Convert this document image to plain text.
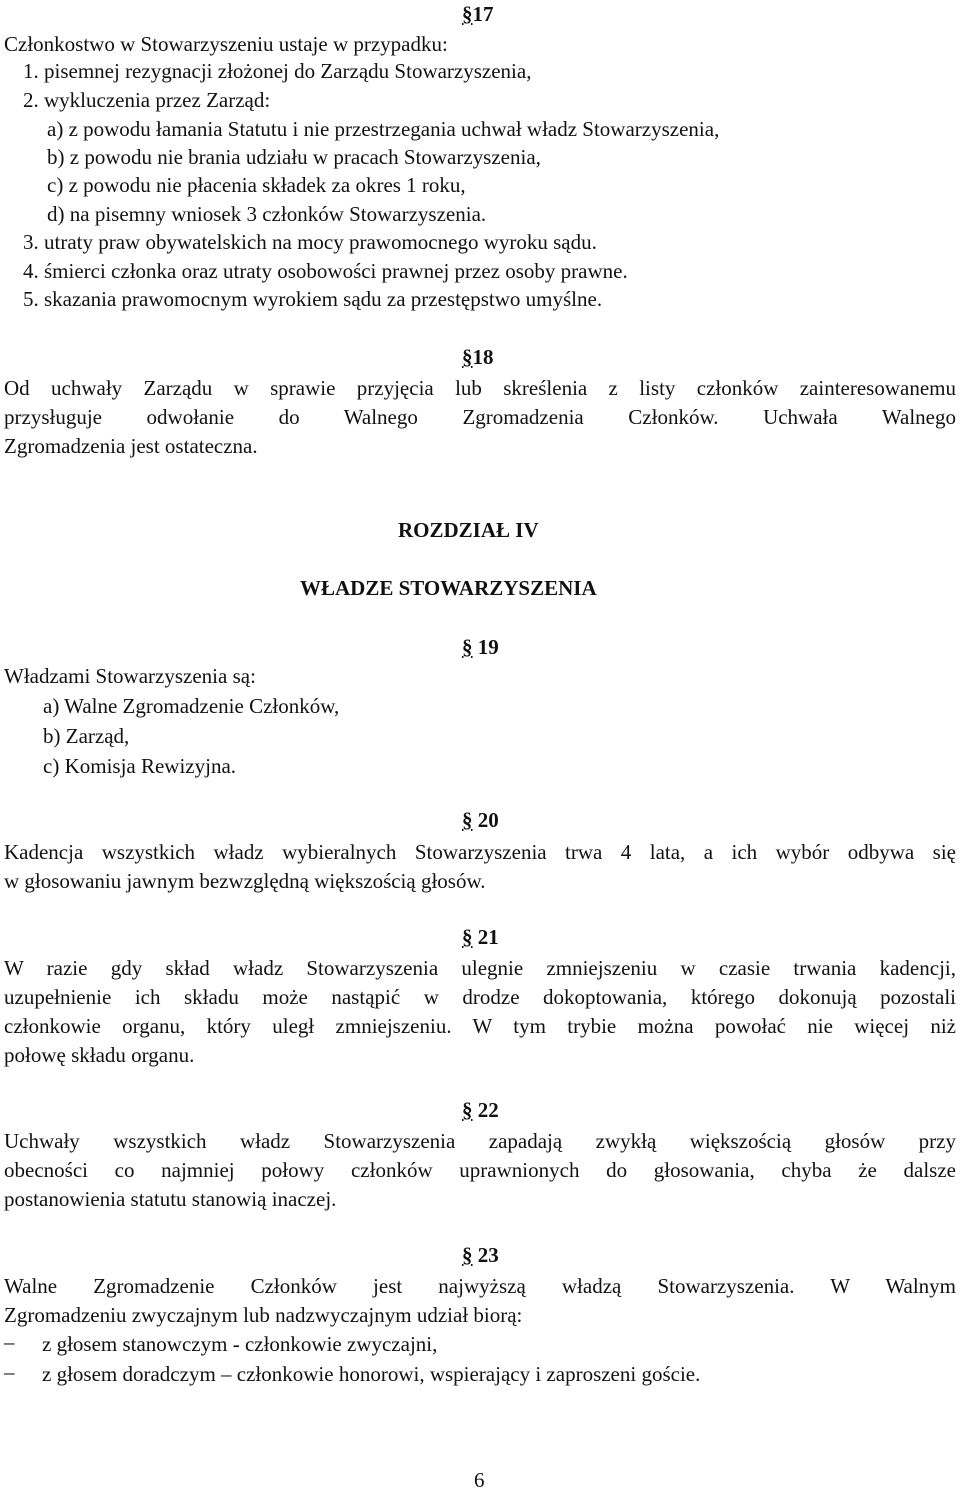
§17
Członkostwo w Stowarzyszeniu ustaje w przypadku:
1. pisemnej rezygnacji złożonej do Zarządu Stowarzyszenia,
2. wykluczenia przez Zarząd:
a) z powodu łamania Statutu i nie przestrzegania uchwał władz Stowarzyszenia,
b) z powodu nie brania udziału w pracach Stowarzyszenia,
c) z powodu nie płacenia składek za okres 1 roku,
d) na pisemny wniosek 3 członków Stowarzyszenia.
3. utraty praw obywatelskich na mocy prawomocnego wyroku sądu.
4. śmierci członka oraz utraty osobowości prawnej przez osoby prawne.
5. skazania prawomocnym wyrokiem sądu za przestępstwo umyślne.
§18
Od uchwały Zarządu w sprawie przyjęcia lub skreślenia z listy członków zainteresowanemu
przysługuje odwołanie do Walnego Zgromadzenia Członków. Uchwała Walnego
Zgromadzenia jest ostateczna.
ROZDZIAŁ IV
WŁADZE STOWARZYSZENIA
§ 19
Władzami Stowarzyszenia są:
a) Walne Zgromadzenie Członków,
b) Zarząd,
c) Komisja Rewizyjna.
§ 20
Kadencja wszystkich władz wybieralnych Stowarzyszenia trwa 4 lata, a ich wybór odbywa się
w głosowaniu jawnym bezwzględną większością głosów.
§ 21
W razie gdy skład władz Stowarzyszenia ulegnie zmniejszeniu w czasie trwania kadencji,
uzupełnienie ich składu może nastąpić w drodze dokoptowania, którego dokonują pozostali
członkowie organu, który uległ zmniejszeniu. W tym trybie można powołać nie więcej niż
połowę składu organu.
§ 22
Uchwały wszystkich władz Stowarzyszenia zapadają zwykłą większością głosów przy
obecności co najmniej połowy członków uprawnionych do głosowania, chyba że dalsze
postanowienia statutu stanowią inaczej.
§ 23
Walne Zgromadzenie Członków jest najwyższą władzą Stowarzyszenia. W Walnym
Zgromadzeniu zwyczajnym lub nadzwyczajnym udział biorą:
– z głosem stanowczym - członkowie zwyczajni,
– z głosem doradczym – członkowie honorowi, wspierający i zaproszeni goście.
6
